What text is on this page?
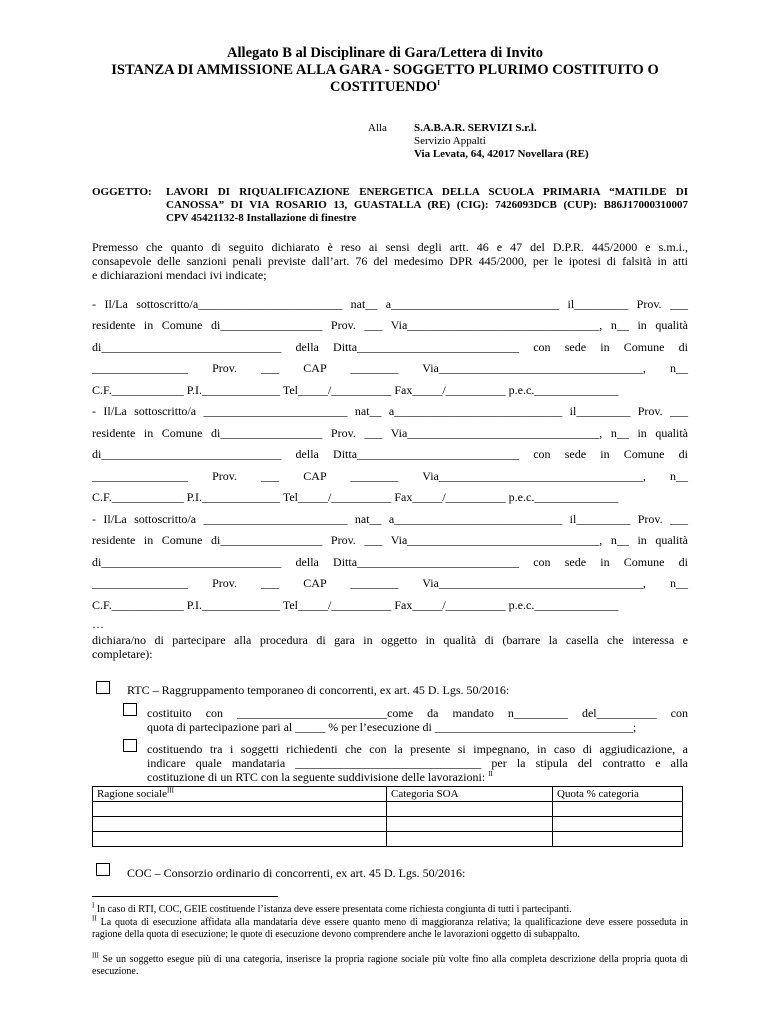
Allegato B al Disciplinare di Gara/Lettera di Invito
ISTANZA DI AMMISSIONE ALLA GARA - SOGGETTO PLURIMO COSTITUITO O
$COSTITUENDO^I$
Alla S.A.B.A.R. SERVIZI S.r.l.
Servizio Appalti
Via Levata, 64, 42017 Novellara (RE)
OGGETTO: LAVORI DI RIQUALIFICAZIONE ENERGETICA DELLA SCUOLA PRIMARIA “MATILDE DI
CANOSSA” DI VIA ROSARIO 13, GUASTALLA (RE) (CIG): 7426093DCB (CUP): B86J17000310007
CPV 45421132-8 Installazione di finestre
Premesso che quanto di seguito dichiarato è reso ai sensi degli artt. 46 e 47 del D.P.R. 445/2000 e s.m.i.,
consapevole delle sanzioni penali previste dall’art. 76 del medesimo DPR 445/2000, per le ipotesi di falsità in atti
e dichiarazioni mendaci ivi indicate;
- Il/La sottoscritto/a________________________ nat__ a____________________________ il_________ Prov. ___
residente in Comune di_________________ Prov. ___ Via________________________________, n__ in qualità
di______________________________ della Ditta___________________________ con sede in Comune di
________________ Prov. ___ CAP ________ Via__________________________________, n__
C.F.____________ P.I._____________ Tel_____/__________ Fax_____/__________ p.e.c.______________
- Il/La sottoscritto/a ________________________ nat__ a____________________________ il_________ Prov. ___
residente in Comune di_________________ Prov. ___ Via________________________________, n__ in qualità
di______________________________ della Ditta___________________________ con sede in Comune di
________________ Prov. ___ CAP ________ Via__________________________________, n__
C.F.____________ P.I._____________ Tel_____/__________ Fax_____/__________ p.e.c.______________
- Il/La sottoscritto/a ________________________ nat__ a____________________________ il_________ Prov. ___
residente in Comune di_________________ Prov. ___ Via________________________________, n__ in qualità
di______________________________ della Ditta___________________________ con sede in Comune di
________________ Prov. ___ CAP ________ Via__________________________________, n__
C.F.____________ P.I._____________ Tel_____/__________ Fax_____/__________ p.e.c.______________
…
dichiara/no di partecipare alla procedura di gara in oggetto in qualità di (barrare la casella che interessa e
completare):
RTC – Raggruppamento temporaneo di concorrenti, ex art. 45 D. Lgs. 50/2016:
costituito con _________________________come da mandato n_________ del__________ con
quota di partecipazione pari al _____ % per l’esecuzione di _________________________________;
costituendo tra i soggetti richiedenti che con la presente si impegnano, in caso di aggiudicazione, a
indicare quale mandataria _______________________________ per la stipula del contratto e alla
costituzione di un RTC con la seguente suddivisione delle lavorazioni: $^{II}$
Ragione sociale$^{III}$	Categoria SOA	Quota % categoria

COC – Consorzio ordinario di concorrenti, ex art. 45 D. Lgs. 50/2016:
$^I$ In caso di RTI, COC, GEIE costituende l’istanza deve essere presentata come richiesta congiunta di tutti i partecipanti.
$^{II}$ La quota di esecuzione affidata alla mandataria deve essere quanto meno di maggioranza relativa; la qualificazione deve essere posseduta in ragione della quota di esecuzione; le quote di esecuzione devono comprendere anche le lavorazioni oggetto di subappalto.
$^{III}$ Se un soggetto esegue più di una categoria, inserisce la propria ragione sociale più volte fino alla completa descrizione della propria quota di esecuzione.
